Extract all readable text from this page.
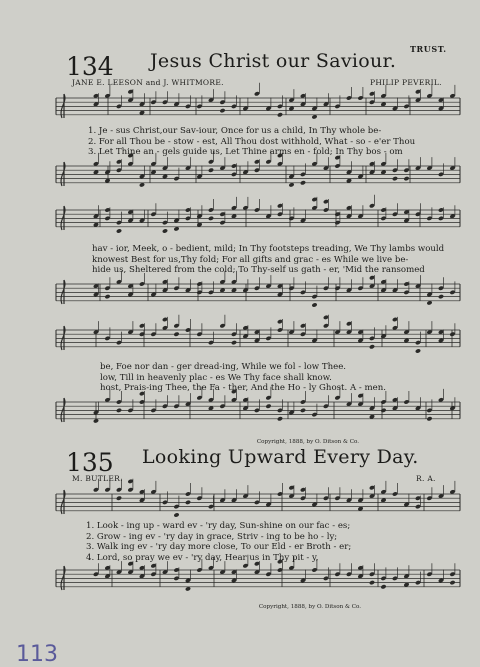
134 Jesus Christ our Saviour.
TRUST.
JANE E. LEESON and J. WHITMORE.	PHILIP PEVERIL.
1. Je - sus Christ,our Sav-iour, Once for us a child, In Thy whole be-
2. For all Thou be - stow - est, All Thou dost withhold, What - so - e'er Thou
3. Let Thine an - gels guide us, Let Thine arms en - fold; In Thy bos - om
hav - ior, Meek, o - bedient, mild; In Thy footsteps treading, We Thy lambs would
knowest Best for us,Thy fold; For all gifts and grac - es While we live be-
hide us, Sheltered from the cold; To Thy-self us gath - er, 'Mid the ransomed
be, Foe nor dan - ger dread-ing, While we fol - low Thee.
low, Till in heavenly plac - es We Thy face shall know.
host, Prais-ing Thee, the Fa - ther, And the Ho - ly Ghost. A - men.
Copyright, 1888, by O. Ditson & Co.
135 Looking Upward Every Day.
M. BUTLER.	R. A.
1. Look - ing up - ward ev - 'ry day, Sun-shine on our fac - es;
2. Grow - ing ev - 'ry day in grace, Striv - ing to be ho - ly;
3. Walk ing ev - 'ry day more close, To our Eld - er Broth - er;
4. Lord, so pray we ev - 'ry day, Hear us in Thy pit - y,
Copyright, 1888, by O. Ditson & Co.
113
